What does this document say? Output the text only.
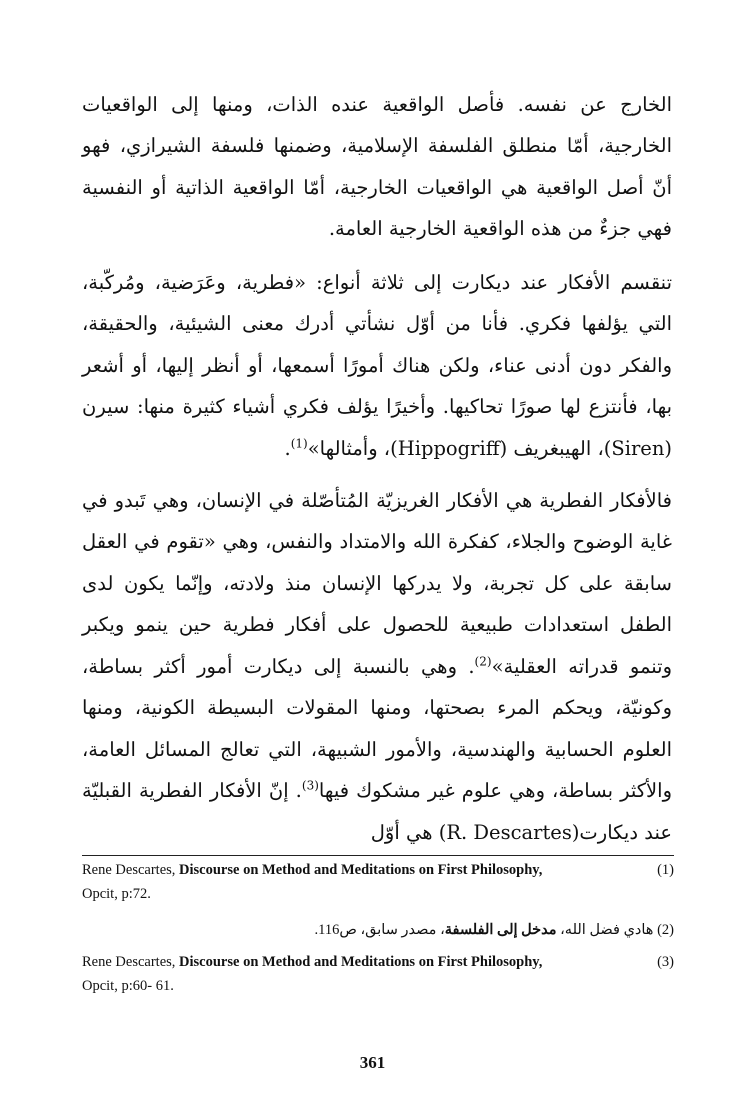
الخارج عن نفسه. فأصل الواقعية عنده الذات، ومنها إلى الواقعيات الخارجية، أمّا منطلق الفلسفة الإسلامية، وضمنها فلسفة الشيرازي، فهو أنّ أصل الواقعية هي الواقعيات الخارجية، أمّا الواقعية الذاتية أو النفسية فهي جزءٌ من هذه الواقعية الخارجية العامة.

تنقسم الأفكار عند ديكارت إلى ثلاثة أنواع: «فطرية، وعَرَضية، ومُركّبة، التي يؤلفها فكري. فأنا من أوّل نشأتي أدرك معنى الشيئية، والحقيقة، والفكر دون أدنى عناء، ولكن هناك أمورًا أسمعها، أو أنظر إليها، أو أشعر بها، فأنتزع لها صورًا تحاكيها. وأخيرًا يؤلف فكري أشياء كثيرة منها: سيرن (Siren)، الهيبغريف (Hippogriff)، وأمثالها»$^{(1)}$.

فالأفكار الفطرية هي الأفكار الغريزيّة المُتأصّلة في الإنسان، وهي تَبدو في غاية الوضوح والجلاء، كفكرة الله والامتداد والنفس، وهي «تقوم في العقل سابقة على كل تجربة، ولا يدركها الإنسان منذ ولادته، وإنّما يكون لدى الطفل استعدادات طبيعية للحصول على أفكار فطرية حين ينمو ويكبر وتنمو قدراته العقلية»$^{(2)}$. وهي بالنسبة إلى ديكارت أمور أكثر بساطة، وكونيّة، ويحكم المرء بصحتها، ومنها المقولات البسيطة الكونية، ومنها العلوم الحسابية والهندسية، والأمور الشبيهة، التي تعالج المسائل العامة، والأكثر بساطة، وهي علوم غير مشكوك فيها$^{(3)}$. إنّ الأفكار الفطرية القبليّة عند ديكارت(R. Descartes) هي أوّل

(1)
Rene Descartes, Discourse on Method and Meditations on First Philosophy,
Opcit, p:72.
(2) هادي فضل الله، مدخل إلى الفلسفة، مصدر سابق، ص116.
(3)
Rene Descartes, Discourse on Method and Meditations on First Philosophy,
Opcit, p:60- 61.
361
